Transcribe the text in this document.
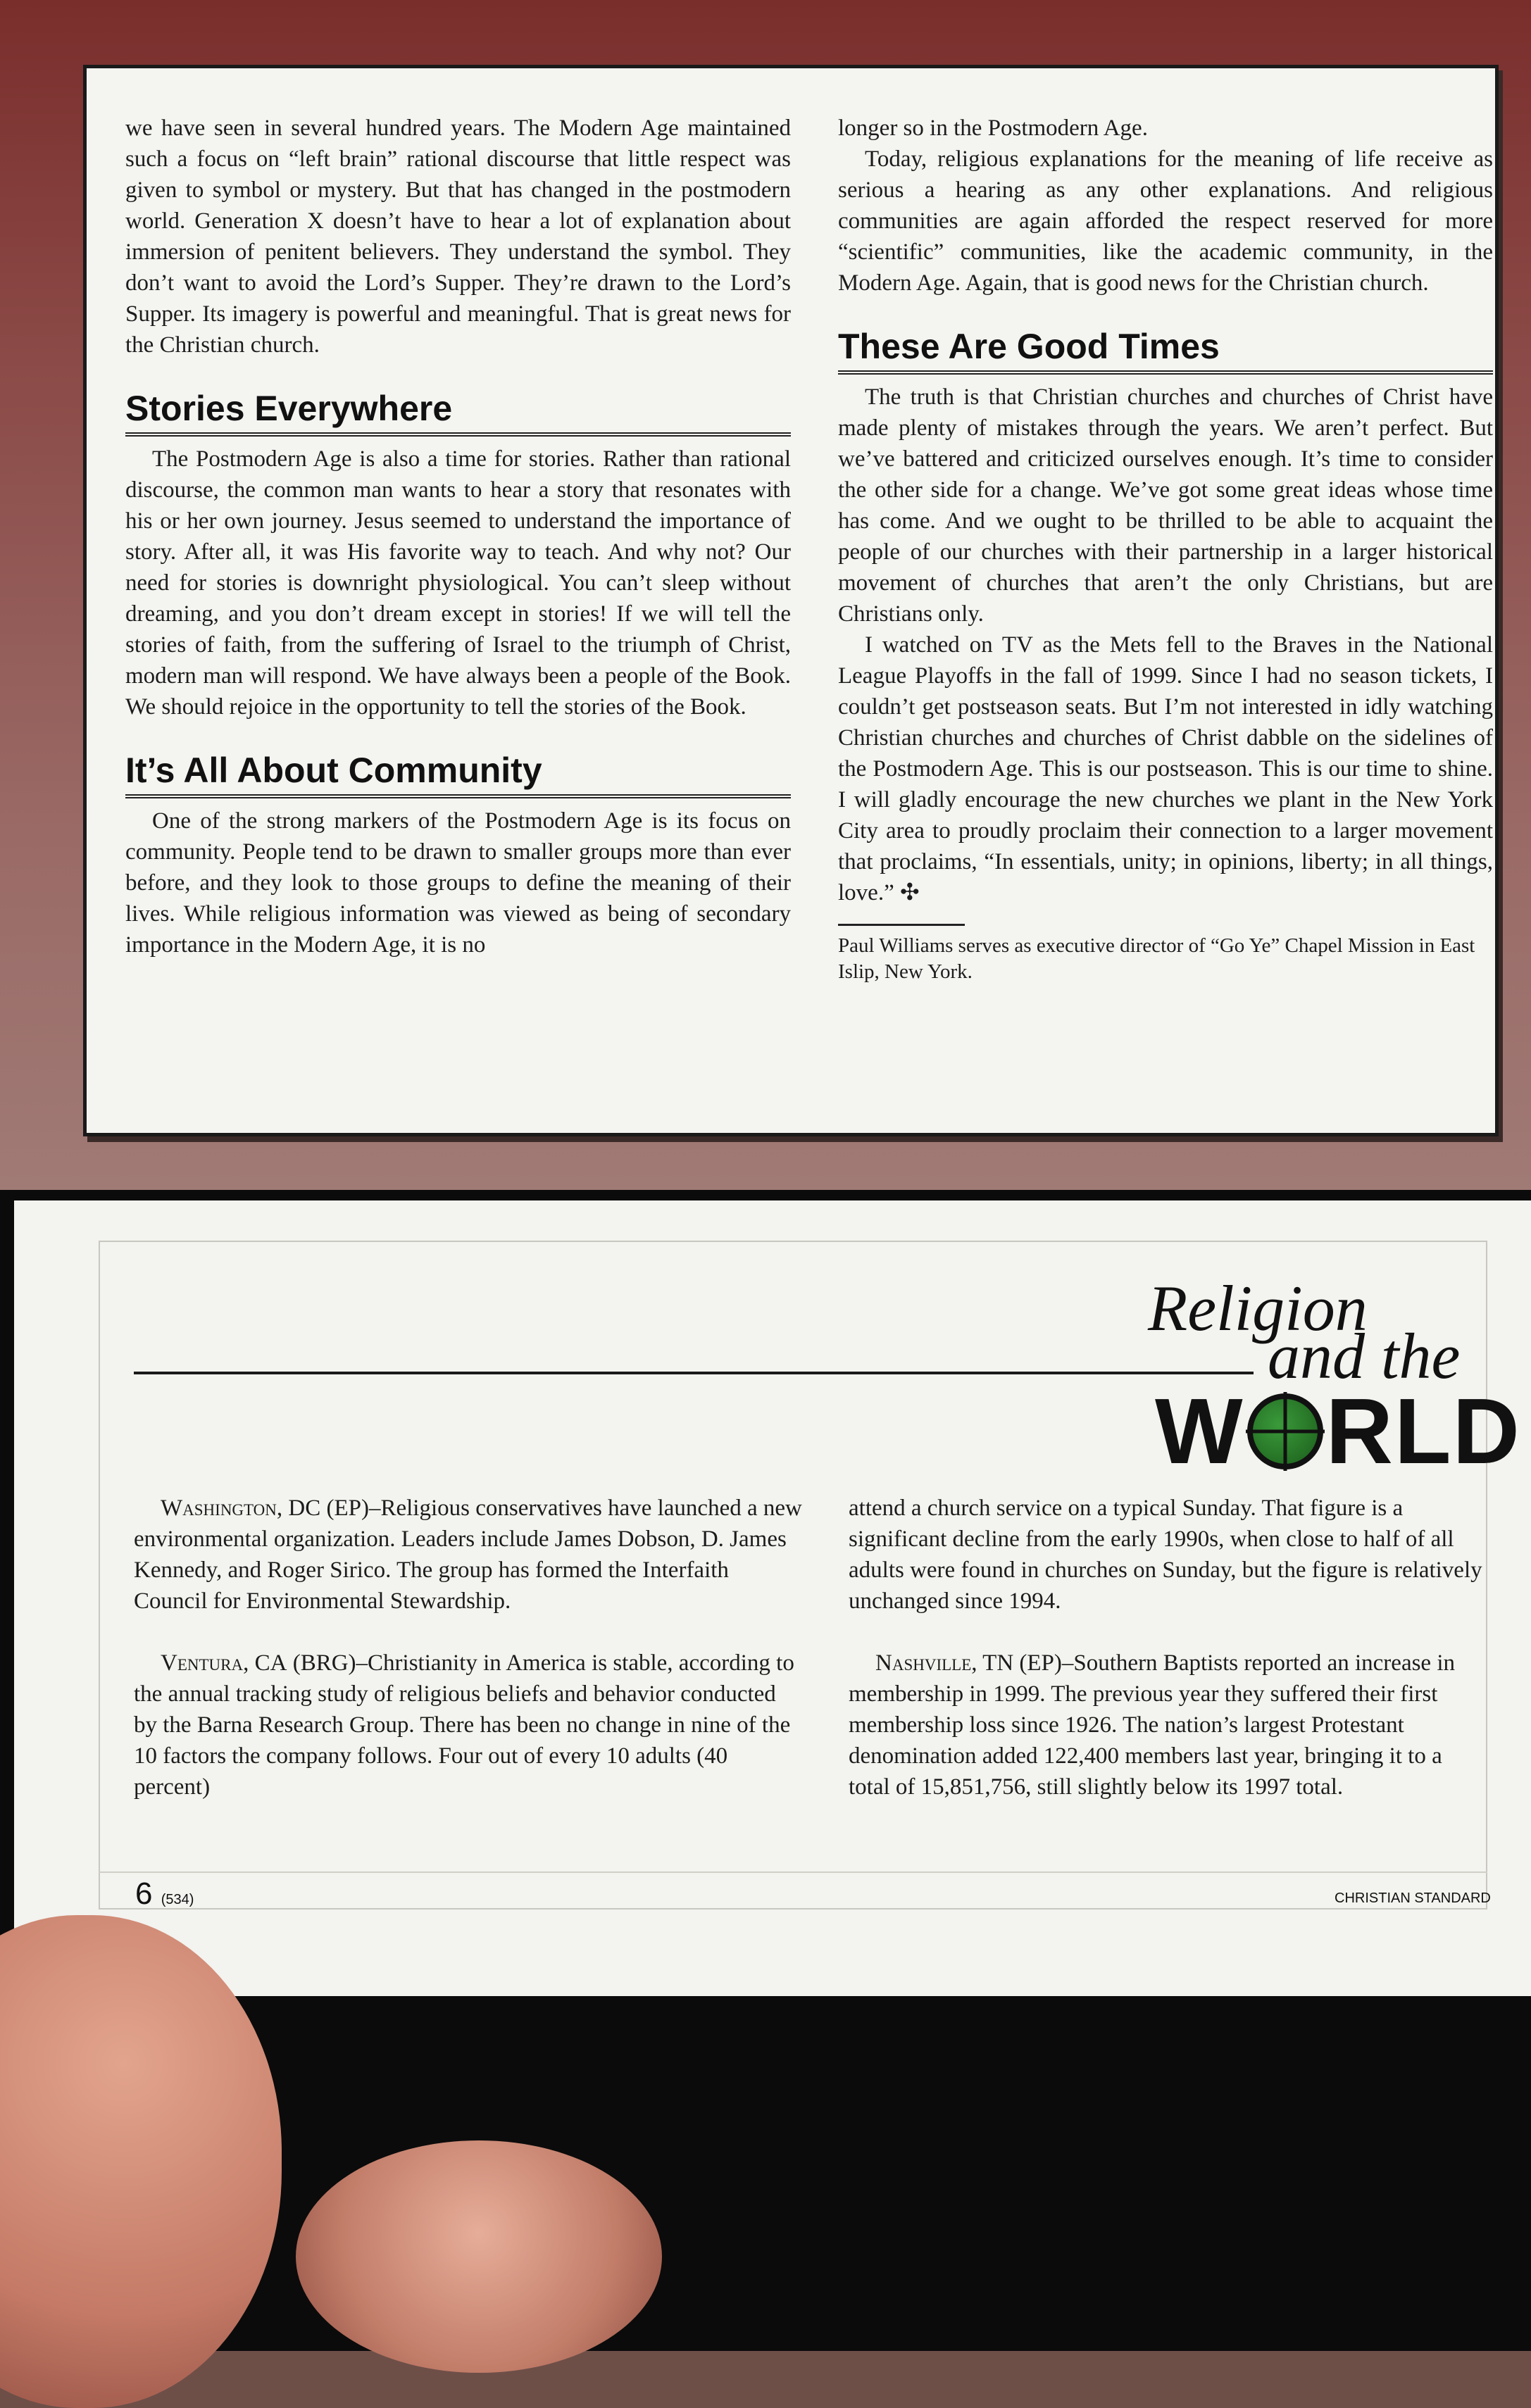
we have seen in several hundred years. The Modern Age maintained such a focus on “left brain” rational discourse that little respect was given to symbol or mystery. But that has changed in the postmodern world. Generation X doesn’t have to hear a lot of explanation about immersion of penitent believers. They understand the symbol. They don’t want to avoid the Lord’s Supper. They’re drawn to the Lord’s Supper. Its imagery is powerful and meaningful. That is great news for the Christian church.

Stories Everywhere

The Postmodern Age is also a time for stories. Rather than rational discourse, the common man wants to hear a story that resonates with his or her own journey. Jesus seemed to understand the importance of story. After all, it was His favorite way to teach. And why not? Our need for stories is downright physiological. You can’t sleep without dreaming, and you don’t dream except in stories! If we will tell the stories of faith, from the suffering of Israel to the triumph of Christ, modern man will respond. We have always been a people of the Book. We should rejoice in the opportunity to tell the stories of the Book.

It’s All About Community

One of the strong markers of the Postmodern Age is its focus on community. People tend to be drawn to smaller groups more than ever before, and they look to those groups to define the meaning of their lives. While religious information was viewed as being of secondary importance in the Modern Age, it is no

longer so in the Postmodern Age.

Today, religious explanations for the meaning of life receive as serious a hearing as any other explanations. And religious communities are again afforded the respect reserved for more “scientific” communities, like the academic community, in the Modern Age. Again, that is good news for the Christian church.

These Are Good Times

The truth is that Christian churches and churches of Christ have made plenty of mistakes through the years. We aren’t perfect. But we’ve battered and criticized ourselves enough. It’s time to consider the other side for a change. We’ve got some great ideas whose time has come. And we ought to be thrilled to be able to acquaint the people of our churches with their partnership in a larger historical movement of churches that aren’t the only Christians, but are Christians only.

I watched on TV as the Mets fell to the Braves in the National League Playoffs in the fall of 1999. Since I had no season tickets, I couldn’t get postseason seats. But I’m not interested in idly watching Christian churches and churches of Christ dabble on the sidelines of the Postmodern Age. This is our postseason. This is our time to shine. I will gladly encourage the new churches we plant in the New York City area to proudly proclaim their connection to a larger movement that proclaims, “In essentials, unity; in opinions, liberty; in all things, love.” ✣

Paul Williams serves as executive director of “Go Ye” Chapel Mission in East Islip, New York.
Religion
and the
W RLD

Washington, DC (EP)–Religious conservatives have launched a new environmental organization. Leaders include James Dobson, D. James Kennedy, and Roger Sirico. The group has formed the Interfaith Council for Environmental Stewardship.

Ventura, CA (BRG)–Christianity in America is stable, according to the annual tracking study of religious beliefs and behavior conducted by the Barna Research Group. There has been no change in nine of the 10 factors the company follows. Four out of every 10 adults (40 percent)

attend a church service on a typical Sunday. That figure is a significant decline from the early 1990s, when close to half of all adults were found in churches on Sunday, but the figure is relatively unchanged since 1994.

Nashville, TN (EP)–Southern Baptists reported an increase in membership in 1999. The previous year they suffered their first membership loss since 1926. The nation’s largest Protestant denomination added 122,400 members last year, bringing it to a total of 15,851,756, still slightly below its 1997 total.

6 (534)	CHRISTIAN STANDARD
